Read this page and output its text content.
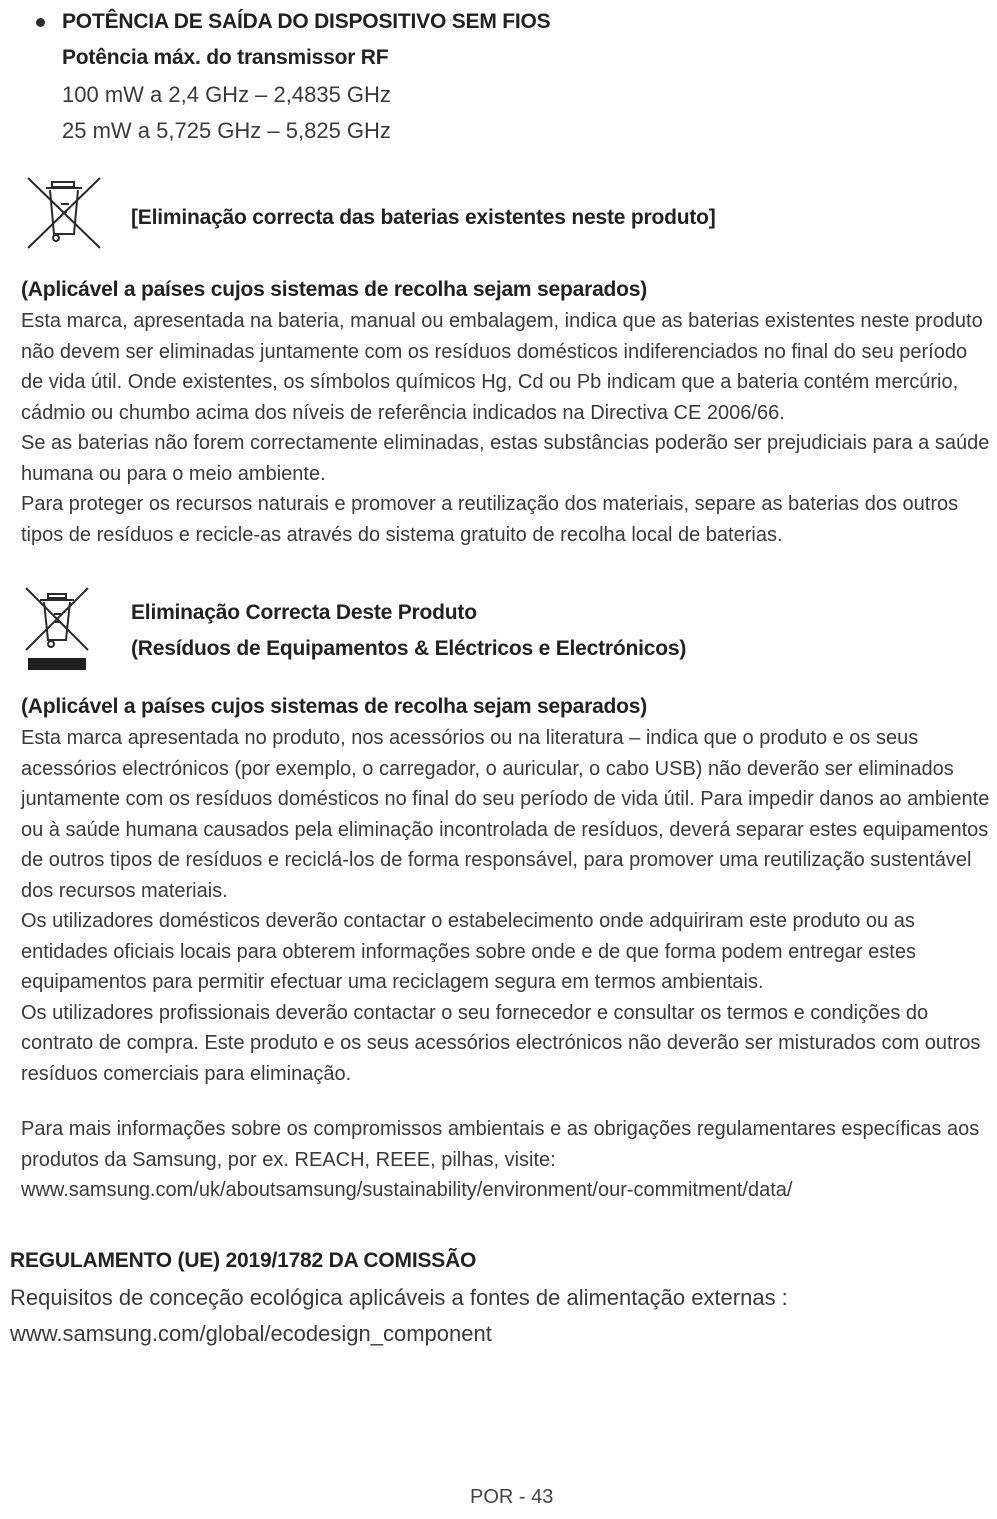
POTÊNCIA DE SAÍDA DO DISPOSITIVO SEM FIOS
Potência máx. do transmissor RF
100 mW a 2,4 GHz – 2,4835 GHz
25 mW a 5,725 GHz – 5,825 GHz
[Eliminação correcta das baterias existentes neste produto]
(Aplicável a países cujos sistemas de recolha sejam separados)

Esta marca, apresentada na bateria, manual ou embalagem, indica que as baterias existentes neste produto não devem ser eliminadas juntamente com os resíduos domésticos indiferenciados no final do seu período de vida útil. Onde existentes, os símbolos químicos Hg, Cd ou Pb indicam que a bateria contém mercúrio, cádmio ou chumbo acima dos níveis de referência indicados na Directiva CE 2006/66.

Se as baterias não forem correctamente eliminadas, estas substâncias poderão ser prejudiciais para a saúde humana ou para o meio ambiente.

Para proteger os recursos naturais e promover a reutilização dos materiais, separe as baterias dos outros tipos de resíduos e recicle-as através do sistema gratuito de recolha local de baterias.

Eliminação Correcta Deste Produto
(Resíduos de Equipamentos & Eléctricos e Electrónicos)
(Aplicável a países cujos sistemas de recolha sejam separados)

Esta marca apresentada no produto, nos acessórios ou na literatura – indica que o produto e os seus acessórios electrónicos (por exemplo, o carregador, o auricular, o cabo USB) não deverão ser eliminados juntamente com os resíduos domésticos no final do seu período de vida útil. Para impedir danos ao ambiente ou à saúde humana causados pela eliminação incontrolada de resíduos, deverá separar estes equipamentos de outros tipos de resíduos e reciclá-los de forma responsável, para promover uma reutilização sustentável dos recursos materiais.

Os utilizadores domésticos deverão contactar o estabelecimento onde adquiriram este produto ou as entidades oficiais locais para obterem informações sobre onde e de que forma podem entregar estes equipamentos para permitir efectuar uma reciclagem segura em termos ambientais.

Os utilizadores profissionais deverão contactar o seu fornecedor e consultar os termos e condições do contrato de compra. Este produto e os seus acessórios electrónicos não deverão ser misturados com outros resíduos comerciais para eliminação.

Para mais informações sobre os compromissos ambientais e as obrigações regulamentares específicas aos produtos da Samsung, por ex. REACH, REEE, pilhas, visite:

www.samsung.com/uk/aboutsamsung/sustainability/environment/our-commitment/data/

REGULAMENTO (UE) 2019/1782 DA COMISSÃO
Requisitos de conceção ecológica aplicáveis a fontes de alimentação externas :
www.samsung.com/global/ecodesign_component
POR - 43
